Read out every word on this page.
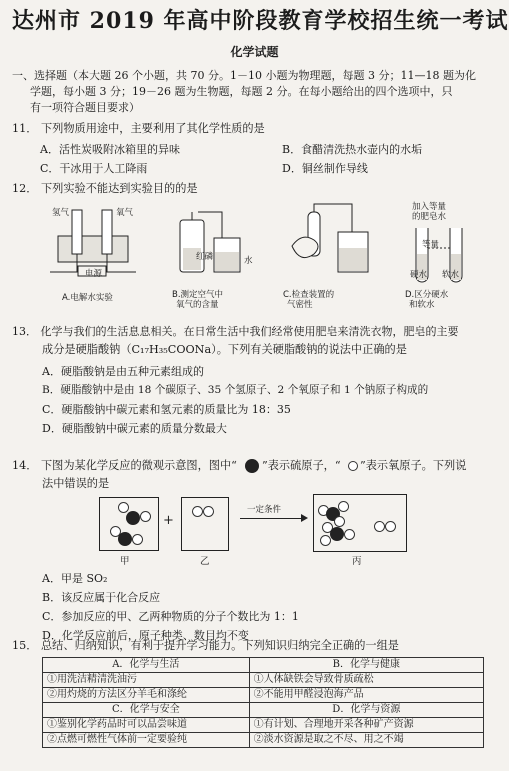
达州市 2019 年高中阶段教育学校招生统一考试
化学试题
一、选择题（本大题 26 个小题，共 70 分。1－10 小题为物理题，每题 3 分；11—18 题为化
学题，每小题 3 分；19－26 题为生物题，每题 2 分。在每小题给出的四个选项中，只
有一项符合题目要求）
11． 下列物质用途中，主要利用了其化学性质的是
A．活性炭吸附冰箱里的异味	B．食醋清洗热水壶内的水垢
C．干冰用于人工降雨	D．铜丝制作导线
12． 下列实验不能达到实验目的的是
氢气	氧气
电源
红磷	水
加入等量
的肥皂水
等量
硬水 软水
A.电解水实验	B.测定空气中
氧气的含量
C.检查装置的
气密性
D.区分硬水
和软水
13． 化学与我们的生活息息相关。在日常生活中我们经常使用肥皂来清洗衣物，肥皂的主要
成分是硬脂酸钠（C₁₇H₃₅COONa）。下列有关硬脂酸钠的说法中正确的是
A．硬脂酸钠是由五种元素组成的
B．硬脂酸钠中是由 18 个碳原子、35 个氢原子、2 个氧原子和 1 个钠原子构成的
C．硬脂酸钠中碳元素和氢元素的质量比为 18：35
D．硬脂酸钠中碳元素的质量分数最大
14． 下图为某化学反应的微观示意图，图中“ ”表示硫原子，“ ”表示氧原子。下列说
法中错误的是
+
一定条件
甲	乙	丙
A．甲是 SO₂
B．该反应属于化合反应
C．参加反应的甲、乙两种物质的分子个数比为 1：1
D．化学反应前后，原子种类、数目均不变
15． 总结、归纳知识，有利于提升学习能力。下列知识归纳完全正确的一组是
A．化学与生活	B．化学与健康
①用洗洁精清洗油污	①人体缺铁会导致骨质疏松
②用灼烧的方法区分羊毛和涤纶	②不能用甲醛浸泡海产品
C．化学与安全	D．化学与资源
①鉴别化学药品时可以品尝味道	①有计划、合理地开采各种矿产资源
②点燃可燃性气体前一定要验纯	②淡水资源是取之不尽、用之不竭
